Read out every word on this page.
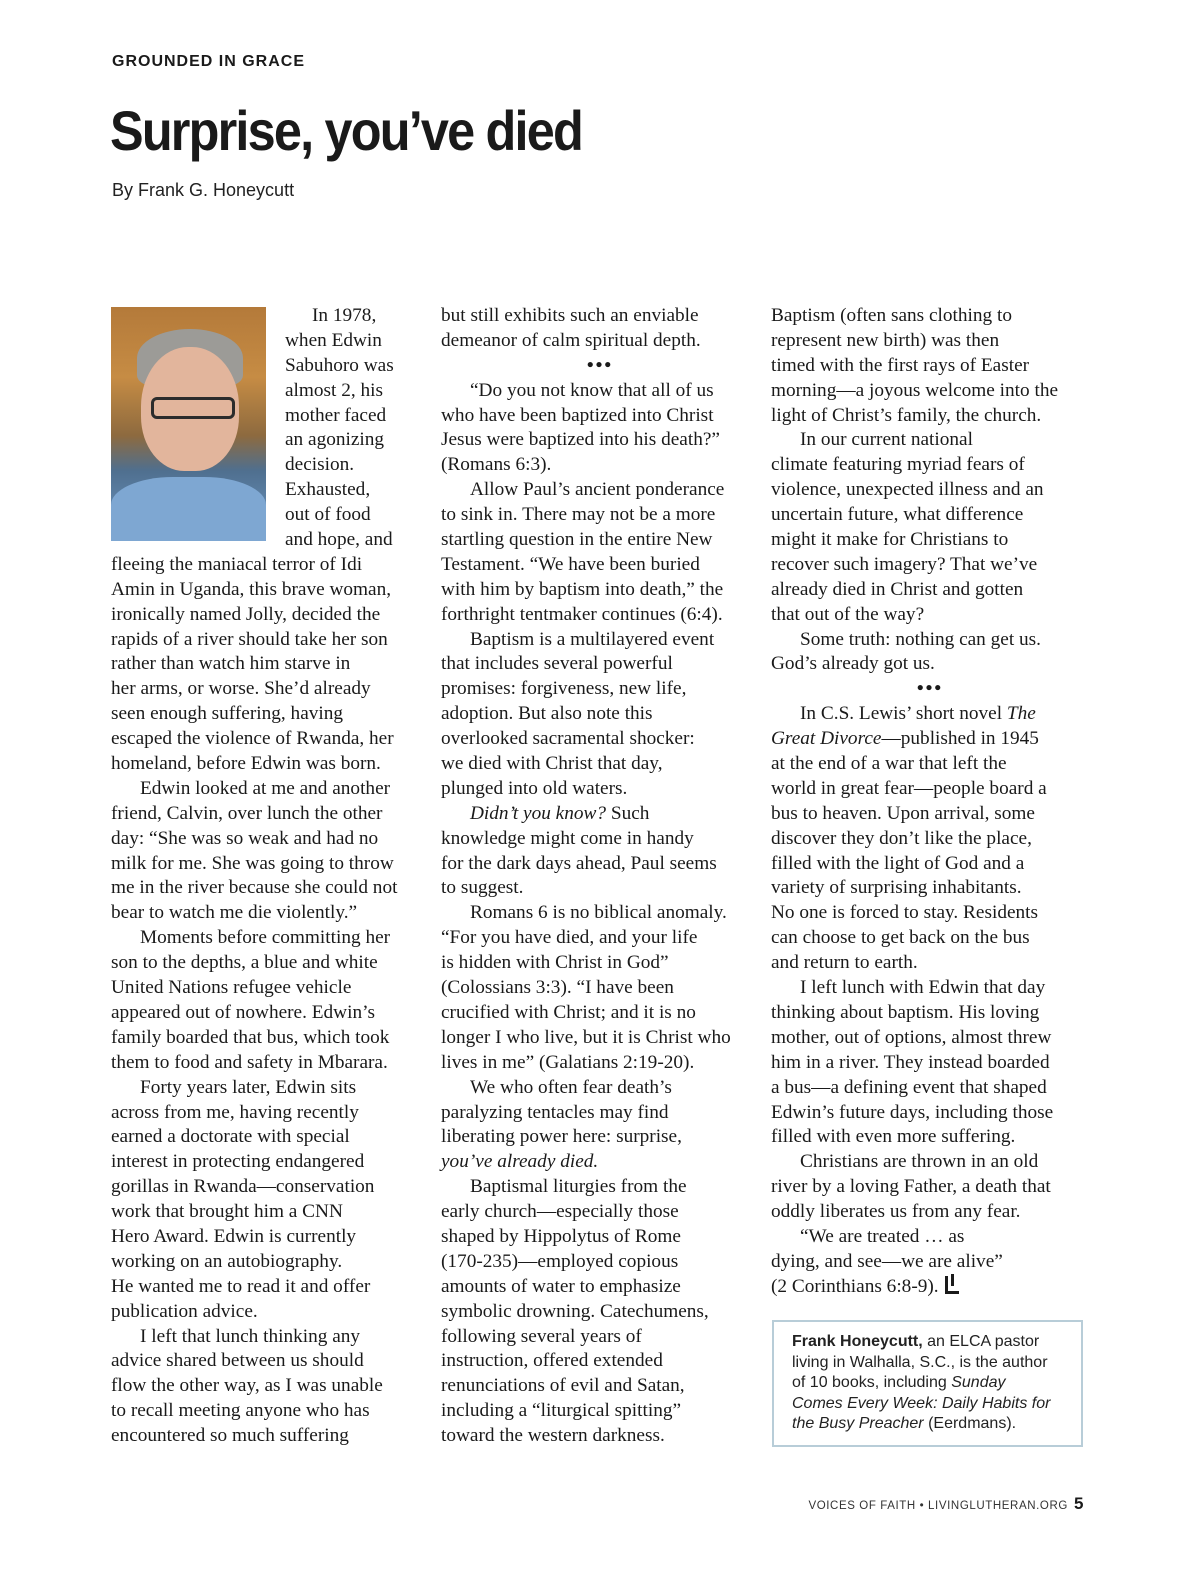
GROUNDED IN GRACE
Surprise, you’ve died
By Frank G. Honeycutt
In 1978,
when Edwin
Sabuhoro was
almost 2, his
mother faced
an agonizing
decision.
Exhausted,
out of food
and hope, and
fleeing the maniacal terror of Idi
Amin in Uganda, this brave woman,
ironically named Jolly, decided the
rapids of a river should take her son
rather than watch him starve in
her arms, or worse. She’d already
seen enough suffering, having
escaped the violence of Rwanda, her
homeland, before Edwin was born.
Edwin looked at me and another
friend, Calvin, over lunch the other
day: “She was so weak and had no
milk for me. She was going to throw
me in the river because she could not
bear to watch me die violently.”
Moments before committing her
son to the depths, a blue and white
United Nations refugee vehicle
appeared out of nowhere. Edwin’s
family boarded that bus, which took
them to food and safety in Mbarara.
Forty years later, Edwin sits
across from me, having recently
earned a doctorate with special
interest in protecting endangered
gorillas in Rwanda—conservation
work that brought him a CNN
Hero Award. Edwin is currently
working on an autobiography.
He wanted me to read it and offer
publication advice.
I left that lunch thinking any
advice shared between us should
flow the other way, as I was unable
to recall meeting anyone who has
encountered so much suffering
but still exhibits such an enviable
demeanor of calm spiritual depth.
•••
“Do you not know that all of us
who have been baptized into Christ
Jesus were baptized into his death?”
(Romans 6:3).
Allow Paul’s ancient ponderance
to sink in. There may not be a more
startling question in the entire New
Testament. “We have been buried
with him by baptism into death,” the
forthright tentmaker continues (6:4).
Baptism is a multilayered event
that includes several powerful
promises: forgiveness, new life,
adoption. But also note this
overlooked sacramental shocker:
we died with Christ that day,
plunged into old waters.
Didn’t you know? Such
knowledge might come in handy
for the dark days ahead, Paul seems
to suggest.
Romans 6 is no biblical anomaly.
“For you have died, and your life
is hidden with Christ in God”
(Colossians 3:3). “I have been
crucified with Christ; and it is no
longer I who live, but it is Christ who
lives in me” (Galatians 2:19-20).
We who often fear death’s
paralyzing tentacles may find
liberating power here: surprise,
you’ve already died.
Baptismal liturgies from the
early church—especially those
shaped by Hippolytus of Rome
(170-235)—employed copious
amounts of water to emphasize
symbolic drowning. Catechumens,
following several years of
instruction, offered extended
renunciations of evil and Satan,
including a “liturgical spitting”
toward the western darkness.
Baptism (often sans clothing to
represent new birth) was then
timed with the first rays of Easter
morning—a joyous welcome into the
light of Christ’s family, the church.
In our current national
climate featuring myriad fears of
violence, unexpected illness and an
uncertain future, what difference
might it make for Christians to
recover such imagery? That we’ve
already died in Christ and gotten
that out of the way?
Some truth: nothing can get us.
God’s already got us.
•••
In C.S. Lewis’ short novel The
Great Divorce—published in 1945
at the end of a war that left the
world in great fear—people board a
bus to heaven. Upon arrival, some
discover they don’t like the place,
filled with the light of God and a
variety of surprising inhabitants.
No one is forced to stay. Residents
can choose to get back on the bus
and return to earth.
I left lunch with Edwin that day
thinking about baptism. His loving
mother, out of options, almost threw
him in a river. They instead boarded
a bus—a defining event that shaped
Edwin’s future days, including those
filled with even more suffering.
Christians are thrown in an old
river by a loving Father, a death that
oddly liberates us from any fear.
“We are treated … as
dying, and see—we are alive”
(2 Corinthians 6:8-9).
Frank Honeycutt, an ELCA pastor
living in Walhalla, S.C., is the author
of 10 books, including Sunday
Comes Every Week: Daily Habits for
the Busy Preacher (Eerdmans).
VOICES OF FAITH • LIVINGLUTHERAN.ORG 5
